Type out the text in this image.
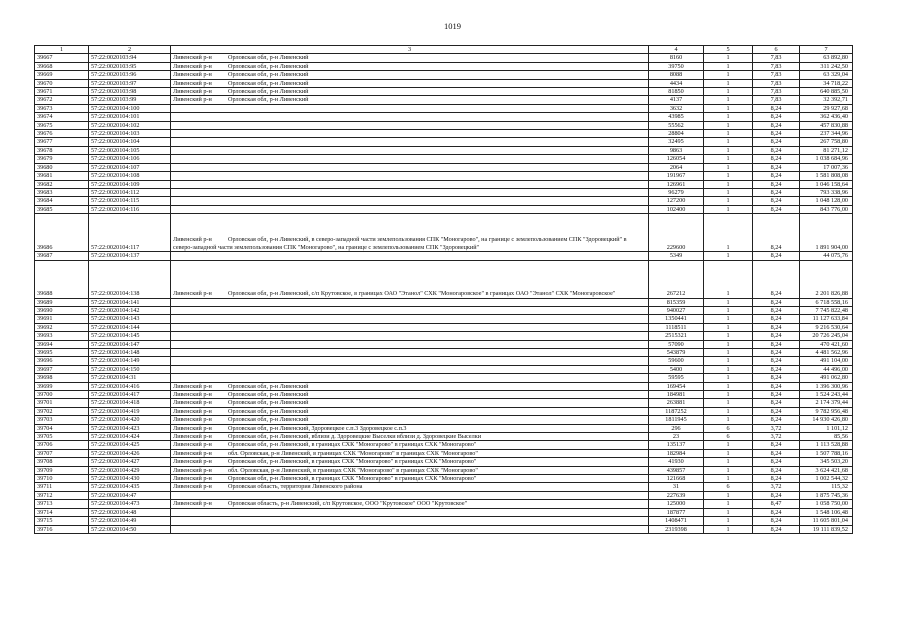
1019
1	2	3	4	5	6	7
39667	57:22:0020103:94	Ливенский р-н Орловская обл, р-н Ливенский	8160	1	7,83	63 892,80
39668	57:22:0020103:95	Ливенский р-н Орловская обл, р-н Ливенский	39750	1	7,83	311 242,50
39669	57:22:0020103:96	Ливенский р-н Орловская обл, р-н Ливенский	8088	1	7,83	63 329,04
39670	57:22:0020103:97	Ливенский р-н Орловская обл, р-н Ливенский	4434	1	7,83	34 718,22
39671	57:22:0020103:98	Ливенский р-н Орловская обл, р-н Ливенский	81850	1	7,83	640 885,50
39672	57:22:0020103:99	Ливенский р-н Орловская обл, р-н Ливенский	4137	1	7,83	32 392,71
39673	57:22:0020104:100		3632	1	8,24	29 927,68
39674	57:22:0020104:101		43985	1	8,24	362 436,40
39675	57:22:0020104:102		55562	1	8,24	457 830,88
39676	57:22:0020104:103		28804	1	8,24	237 344,96
39677	57:22:0020104:104		32495	1	8,24	267 758,80
39678	57:22:0020104:105		9863	1	8,24	81 271,12
39679	57:22:0020104:106		126054	1	8,24	1 038 684,96
39680	57:22:0020104:107		2064	1	8,24	17 007,36
39681	57:22:0020104:108		191967	1	8,24	1 581 808,08
39682	57:22:0020104:109		126961	1	8,24	1 046 158,64
39683	57:22:0020104:112		96279	1	8,24	793 338,96
39684	57:22:0020104:115		127200	1	8,24	1 048 128,00
39685	57:22:0020104:116		102400	1	8,24	843 776,00
39686	57:22:0020104:117	Ливенский р-н Орловская обл, р-н Ливенский, в северо-западной части землепользования СПК "Моногарово", на границе с землепользованием СПК "Здоровецкий" в северо-западной части землепользования СПК "Моногарово", на границе с землепользованием СПК "Здоровецкий"	229600	1	8,24	1 891 904,00
39687	57:22:0020104:137		5349	1	8,24	44 075,76
39688	57:22:0020104:138	Ливенский р-н Орловская обл, р-н Ливенский, с/п Крутовское, в границах ОАО "Этанол" СХК "Моногаровское" в границах ОАО "Этанол" СХК "Моногаровское"	267212	1	8,24	2 201 826,88
39689	57:22:0020104:141		815359	1	8,24	6 718 558,16
39690	57:22:0020104:142		940027	1	8,24	7 745 822,48
39691	57:22:0020104:143		1350441	1	8,24	11 127 633,84
39692	57:22:0020104:144		1118511	1	8,24	9 216 530,64
39693	57:22:0020104:145		2515321	1	8,24	20 726 245,04
39694	57:22:0020104:147		57090	1	8,24	470 421,60
39695	57:22:0020104:148		543879	1	8,24	4 481 562,96
39696	57:22:0020104:149		59600	1	8,24	491 104,00
39697	57:22:0020104:150		5400	1	8,24	44 496,00
39698	57:22:0020104:31		59595	1	8,24	491 062,80
39699	57:22:0020104:416	Ливенский р-н Орловская обл, р-н Ливенский	169454	1	8,24	1 396 300,96
39700	57:22:0020104:417	Ливенский р-н Орловская обл, р-н Ливенский	184981	1	8,24	1 524 243,44
39701	57:22:0020104:418	Ливенский р-н Орловская обл, р-н Ливенский	263881	1	8,24	2 174 379,44
39702	57:22:0020104:419	Ливенский р-н Орловская обл, р-н Ливенский	1187252	1	8,24	9 782 956,48
39703	57:22:0020104:420	Ливенский р-н Орловская обл, р-н Ливенский	1811945	1	8,24	14 930 426,80
39704	57:22:0020104:423	Ливенский р-н Орловская обл, р-н Ливенский, Здоровецкое с.п.3 Здоровецкое с.п.3	296	6	3,72	1 101,12
39705	57:22:0020104:424	Ливенский р-н Орловская обл, р-н Ливенский, вблизи д. Здоровецкие Выселки вблизи д. Здоровецкие Выселки	23	6	3,72	85,56
39706	57:22:0020104:425	Ливенский р-н Орловская обл, р-н Ливенский, в границах СХК "Моногарово" в границах СХК "Моногарово"	135137	1	8,24	1 113 528,88
39707	57:22:0020104:426	Ливенский р-н обл. Орловская, р-н Ливенский, в границах СХК "Моногарово" в границах СХК "Моногарово"	182984	1	8,24	1 507 788,16
39708	57:22:0020104:427	Ливенский р-н Орловская обл, р-н Ливенский, в границах СХК "Моногарово" в границах СХК "Моногарово"	41930	1	8,24	345 503,20
39709	57:22:0020104:429	Ливенский р-н обл. Орловская, р-н Ливенский, в границах СХК "Моногарово" в границах СХК "Моногарово"	439857	1	8,24	3 624 421,68
39710	57:22:0020104:430	Ливенский р-н Орловская обл, р-н Ливенский, в границах СХК "Моногарово" в границах СХК "Моногарово"	121668	1	8,24	1 002 544,32
39711	57:22:0020104:435	Ливенский р-н Орловская область, территория Ливенского района	31	6	3,72	115,32
39712	57:22:0020104:47		227639	1	8,24	1 875 745,36
39713	57:22:0020104:473	Ливенский р-н Орловская область, р-н Ливенский, с/п Крутовское, ООО "Крутовское" ООО "Крутовское"	125000	1	8,47	1 058 750,00
39714	57:22:0020104:48		187877	1	8,24	1 548 106,48
39715	57:22:0020104:49		1408471	1	8,24	11 605 801,04
39716	57:22:0020104:50		2319398	1	8,24	19 111 839,52
